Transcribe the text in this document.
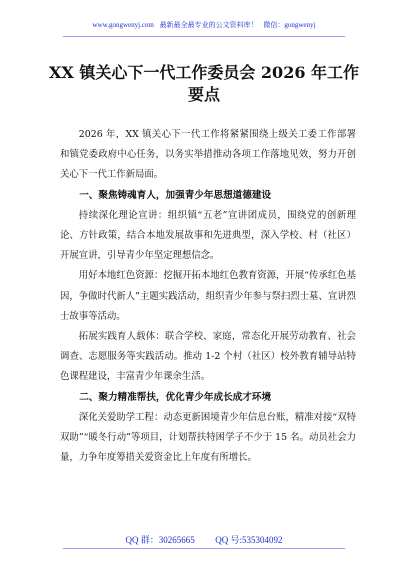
www.gongwenyj.com 最新最全最专业的公文资料库！ 微信：gongwenyj
XX 镇关心下一代工作委员会 2026 年工作
要点

2026 年，XX 镇关心下一代工作将紧紧围绕上级关工委工作部署和镇党委政府中心任务，以务实举措推动各项工作落地见效，努力开创关心下一代工作新局面。

一、聚焦铸魂育人，加强青少年思想道德建设

持续深化理论宣讲：组织镇“五老”宣讲团成员，围绕党的创新理论、方针政策，结合本地发展故事和先进典型，深入学校、村（社区）开展宣讲，引导青少年坚定理想信念。

用好本地红色资源：挖掘开拓本地红色教育资源，开展“传承红色基因，争做时代新人”主题实践活动，组织青少年参与祭扫烈士墓、宣讲烈士故事等活动。

拓展实践育人载体：联合学校、家庭，常态化开展劳动教育、社会调查、志愿服务等实践活动。推动 1-2 个村（社区）校外教育辅导站特色课程建设，丰富青少年课余生活。

二、聚力精准帮扶，优化青少年成长成才环境

深化关爱助学工程：动态更新困境青少年信息台账，精准对接“双特双助”“暖冬行动”等项目，计划帮扶特困学子不少于 15 名。动员社会力量，力争年度筹措关爱资金比上年度有所增长。

QQ 群：30265665 QQ 号:535304092
